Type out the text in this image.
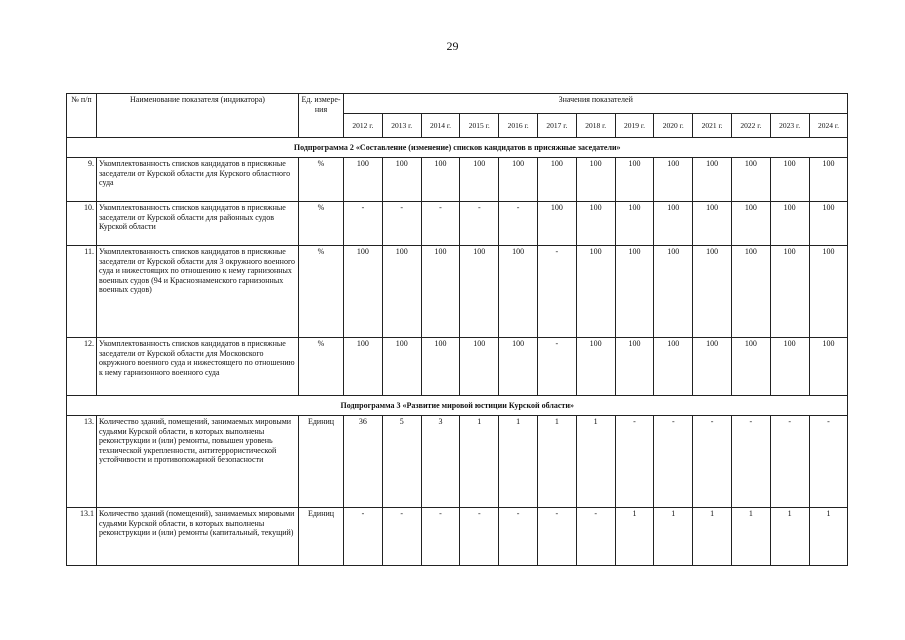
29
№ п/п	Наименование показателя (индикатора)	Ед. измере-ния	Значения показателей												
			2012 г.	2013 г.	2014 г.	2015 г.	2016 г.	2017 г.	2018 г.	2019 г.	2020 г.	2021 г.	2022 г.	2023 г.	2024 г.
Подпрограмма 2 «Составление (изменение) списков кандидатов в присяжные заседатели»															
9.	Укомплектованность списков кандидатов в присяжные заседатели от Курской области для Курского областного суда	%	100	100	100	100	100	100	100	100	100	100	100	100	100
10.	Укомплектованность списков кандидатов в присяжные заседатели от Курской области для районных судов Курской области	%	-	-	-	-	-	100	100	100	100	100	100	100	100
11.	Укомплектованность списков кандидатов в присяжные заседатели от Курской области для 3 окружного военного суда и нижестоящих по отношению к нему гарнизонных военных судов (94 и Краснознаменского гарнизонных военных судов)	%	100	100	100	100	100	-	100	100	100	100	100	100	100
12.	Укомплектованность списков кандидатов в присяжные заседатели от Курской области для Московского окружного военного суда и нижестоящего по отношению к нему гарнизонного военного суда	%	100	100	100	100	100	-	100	100	100	100	100	100	100
Подпрограмма 3 «Развитие мировой юстиции Курской области»															
13.	Количество зданий, помещений, занимаемых мировыми судьями Курской области, в которых выполнены реконструкции и (или) ремонты, повышен уровень технической укрепленности, антитеррористической устойчивости и противопожарной безопасности	Единиц	36	5	3	1	1	1	1	-	-	-	-	-	-
13.1	Количество зданий (помещений), занимаемых мировыми судьями Курской области, в которых выполнены реконструкции и (или) ремонты (капитальный, текущий)	Единиц	-	-	-	-	-	-	-	1	1	1	1	1	1
